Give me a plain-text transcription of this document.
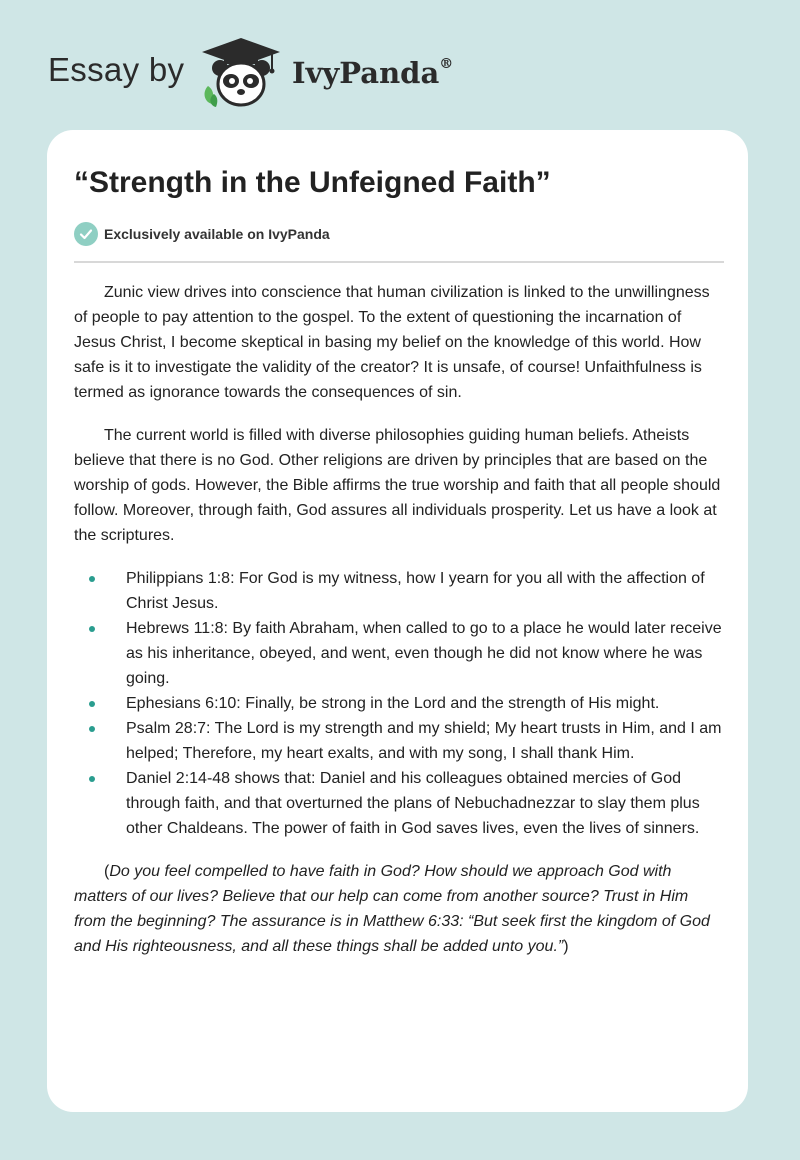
Essay by	IvyPanda®
“Strength in the Unfeigned Faith”
Exclusively available on IvyPanda

Zunic view drives into conscience that human civilization is linked to the unwillingness of people to pay attention to the gospel. To the extent of questioning the incarnation of Jesus Christ, I become skeptical in basing my belief on the knowledge of this world. How safe is it to investigate the validity of the creator? It is unsafe, of course! Unfaithfulness is termed as ignorance towards the consequences of sin.

The current world is filled with diverse philosophies guiding human beliefs. Atheists believe that there is no God. Other religions are driven by principles that are based on the worship of gods. However, the Bible affirms the true worship and faith that all people should follow. Moreover, through faith, God assures all individuals prosperity. Let us have a look at the scriptures.

Philippians 1:8: For God is my witness, how I yearn for you all with the affection of Christ Jesus.
Hebrews 11:8: By faith Abraham, when called to go to a place he would later receive as his inheritance, obeyed, and went, even though he did not know where he was going.
Ephesians 6:10: Finally, be strong in the Lord and the strength of His might.
Psalm 28:7: The Lord is my strength and my shield; My heart trusts in Him, and I am helped; Therefore, my heart exalts, and with my song, I shall thank Him.
Daniel 2:14-48 shows that: Daniel and his colleagues obtained mercies of God through faith, and that overturned the plans of Nebuchadnezzar to slay them plus other Chaldeans. The power of faith in God saves lives, even the lives of sinners.

(Do you feel compelled to have faith in God? How should we approach God with matters of our lives? Believe that our help can come from another source? Trust in Him from the beginning? The assurance is in Matthew 6:33: “But seek first the kingdom of God and His righteousness, and all these things shall be added unto you.”)
